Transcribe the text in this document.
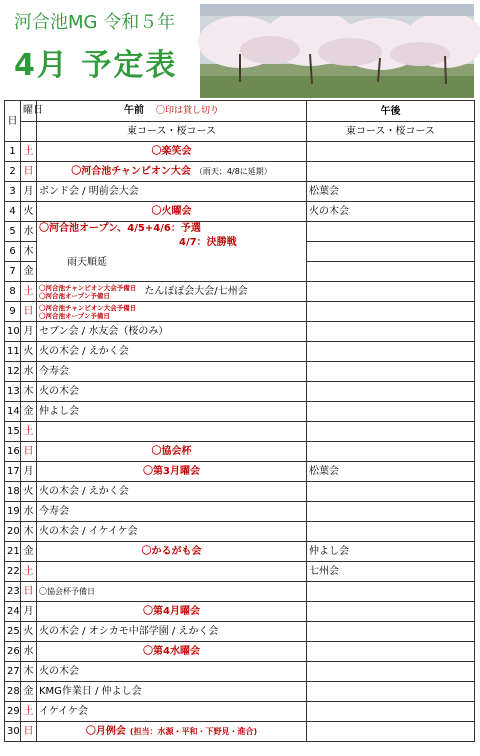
河合池MG 令和５年
4月 予定表
日	曜日	午前 〇印は貸し切り	午後
		東コース・桜コース	東コース・桜コース
1	土	〇楽笑会	
2	日	〇河合池チャンピオン大会 （雨天；4/8に延期）	
3	月	ボンド会 / 明前会大会	松葉会
4	火	〇火曜会	火の木会
5	水	〇河合池オープン、4/5+4/6：予選
4/7：決勝戦
雨天順延	

6	木		
7	金		
8	土	〇河合池チャンピオン大会予備日
〇河合池オープン予備日 たんぽぽ会大会/七州会	

9	日	〇河合池チャンピオン大会予備日
〇河合池オープン予備日	

10	月	セブン会 / 水友会（桜のみ）	
11	火	火の木会 / えかく会	
12	水	今寿会	
13	木	火の木会	
14	金	仲よし会	
15	土		
16	日	〇協会杯	
17	月	〇第3月曜会	松葉会
18	火	火の木会 / えかく会	
19	水	今寿会	
20	木	火の木会 / イケイケ会	
21	金	〇かるがも会	仲よし会
22	土		七州会
23	日	〇協会杯予備日	
24	月	〇第4月曜会	
25	火	火の木会 / オシカモ中部学園 / えかく会	
26	水	〇第4水曜会	
27	木	火の木会	
28	金	KMG作業日 / 仲よし会	
29	土	イケイケ会	
30	日	〇月例会 (担当：水源・平和・下野見・進合)	
